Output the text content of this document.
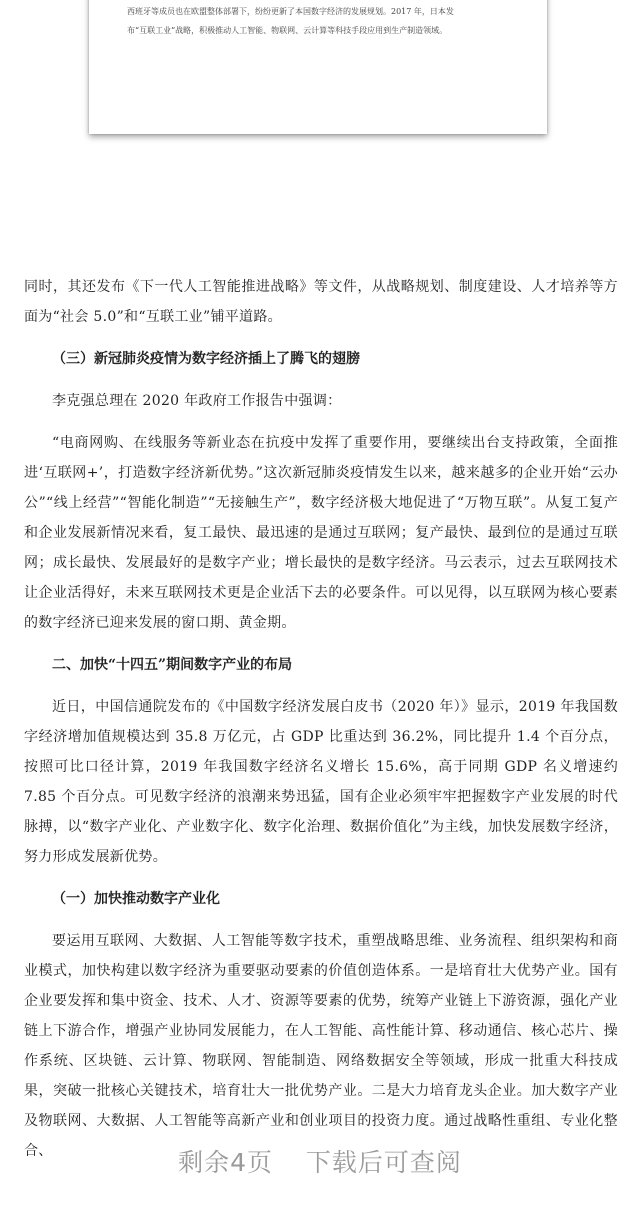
西班牙等成员也在欧盟整体部署下，纷纷更新了本国数字经济的发展规划。2017 年，日本发
布“互联工业”战略，积极推动人工智能、物联网、云计算等科技手段应用到生产制造领域。

同时，其还发布《下一代人工智能推进战略》等文件，从战略规划、制度建设、人才培养等方面为“社会 5.0”和“互联工业”铺平道路。

（三）新冠肺炎疫情为数字经济插上了腾飞的翅膀

李克强总理在 2020 年政府工作报告中强调：

“电商网购、在线服务等新业态在抗疫中发挥了重要作用，要继续出台支持政策，全面推进‘互联网+’，打造数字经济新优势。”这次新冠肺炎疫情发生以来，越来越多的企业开始“云办公”“线上经营”“智能化制造”“无接触生产”，数字经济极大地促进了“万物互联”。从复工复产和企业发展新情况来看，复工最快、最迅速的是通过互联网；复产最快、最到位的是通过互联网；成长最快、发展最好的是数字产业；增长最快的是数字经济。马云表示，过去互联网技术让企业活得好，未来互联网技术更是企业活下去的必要条件。可以见得，以互联网为核心要素的数字经济已迎来发展的窗口期、黄金期。

二、加快“十四五”期间数字产业的布局

近日，中国信通院发布的《中国数字经济发展白皮书（2020 年）》显示，2019 年我国数字经济增加值规模达到 35.8 万亿元，占 GDP 比重达到 36.2%，同比提升 1.4 个百分点，按照可比口径计算，2019 年我国数字经济名义增长 15.6%，高于同期 GDP 名义增速约 7.85 个百分点。可见数字经济的浪潮来势迅猛，国有企业必须牢牢把握数字产业发展的时代脉搏，以“数字产业化、产业数字化、数字化治理、数据价值化”为主线，加快发展数字经济，努力形成发展新优势。

（一）加快推动数字产业化

要运用互联网、大数据、人工智能等数字技术，重塑战略思维、业务流程、组织架构和商业模式，加快构建以数字经济为重要驱动要素的价值创造体系。一是培育壮大优势产业。国有企业要发挥和集中资金、技术、人才、资源等要素的优势，统筹产业链上下游资源，强化产业链上下游合作，增强产业协同发展能力，在人工智能、高性能计算、移动通信、核心芯片、操作系统、区块链、云计算、物联网、智能制造、网络数据安全等领域，形成一批重大科技成果，突破一批核心关键技术，培育壮大一批优势产业。二是大力培育龙头企业。加大数字产业及物联网、大数据、人工智能等高新产业和创业项目的投资力度。通过战略性重组、专业化整合、	剩余4页 下载后可查阅
